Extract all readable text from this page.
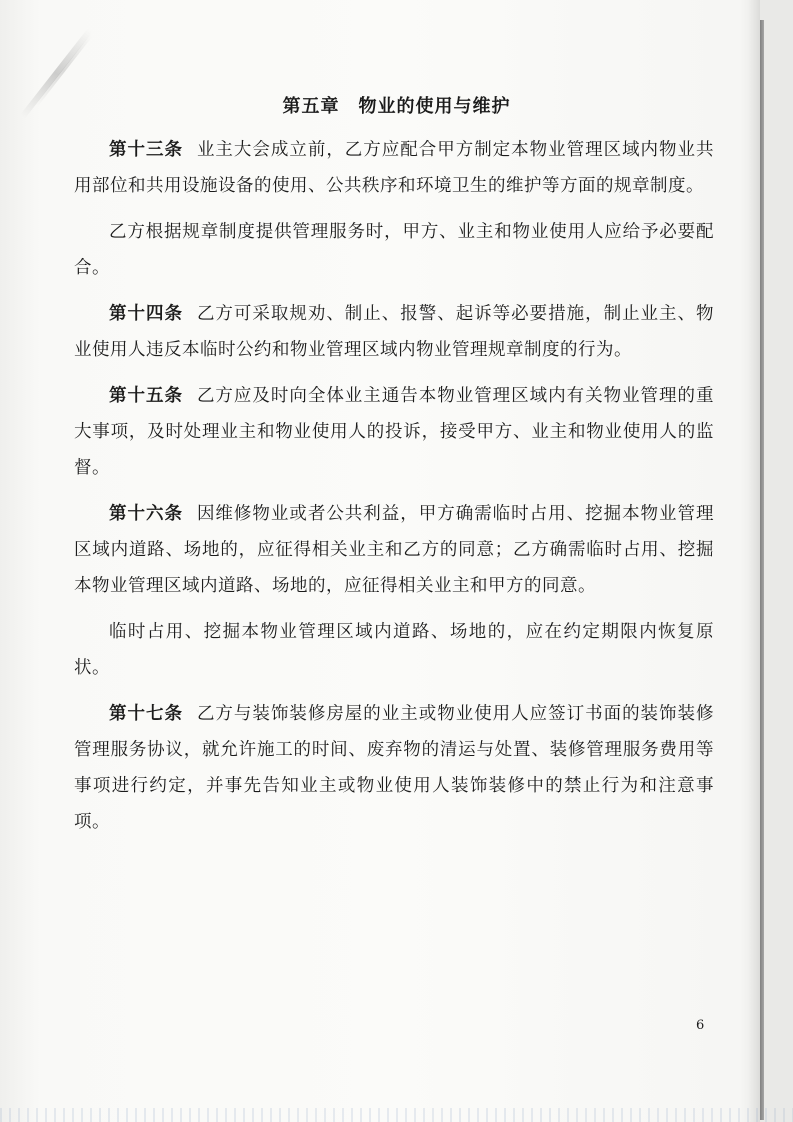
第五章　物业的使用与维护

第十三条 业主大会成立前，乙方应配合甲方制定本物业管理区域内物业共用部位和共用设施设备的使用、公共秩序和环境卫生的维护等方面的规章制度。

乙方根据规章制度提供管理服务时，甲方、业主和物业使用人应给予必要配合。

第十四条 乙方可采取规劝、制止、报警、起诉等必要措施，制止业主、物业使用人违反本临时公约和物业管理区域内物业管理规章制度的行为。

第十五条 乙方应及时向全体业主通告本物业管理区域内有关物业管理的重大事项，及时处理业主和物业使用人的投诉，接受甲方、业主和物业使用人的监督。

第十六条 因维修物业或者公共利益，甲方确需临时占用、挖掘本物业管理区域内道路、场地的，应征得相关业主和乙方的同意；乙方确需临时占用、挖掘本物业管理区域内道路、场地的，应征得相关业主和甲方的同意。

临时占用、挖掘本物业管理区域内道路、场地的，应在约定期限内恢复原状。

第十七条 乙方与装饰装修房屋的业主或物业使用人应签订书面的装饰装修管理服务协议，就允许施工的时间、废弃物的清运与处置、装修管理服务费用等事项进行约定，并事先告知业主或物业使用人装饰装修中的禁止行为和注意事项。

6
